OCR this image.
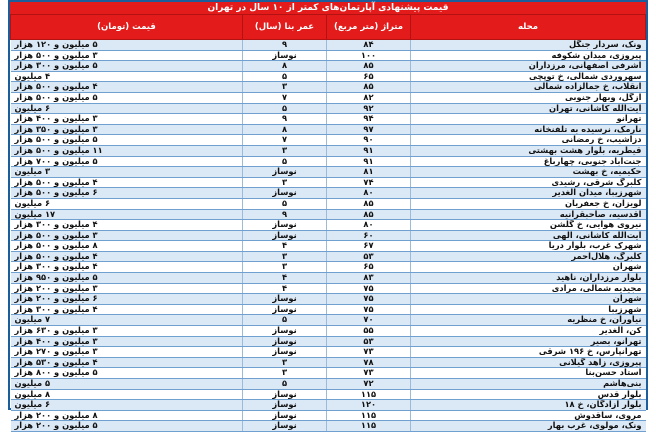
قیمت پیشنهادی آپارتمان‌های کمتر از ۱۰ سال در تهران
محله	متراژ (متر مربع)	عمر بنا (سال)	قیمت (تومان)
ونک، سردار جنگل	۸۴	۹	۵ میلیون و ۱۲۰ هزار
پیروزی، میدان شکوفه	۱۰۰	نوساز	۳ میلیون و ۵۰۰ هزار
اشرفی اصفهانی، مرزداران	۸۵	۸	۵ میلیون و ۳۰۰ هزار
سهروردی شمالی، خ توپچی	۶۵	۵	۴ میلیون
انقلاب، خ جمالزاده شمالی	۸۵	۳	۴ میلیون و ۵۰۰ هزار
ازگل، وبهار جنوبی	۸۲	۷	۵ میلیون و ۵۰۰ هزار
آیت‌الله کاشانی، تهران	۹۲	۵	۶ میلیون
تهرانو	۹۴	۹	۳ میلیون و ۴۰۰ هزار
نارمک، نرسیده به تلفنخانه	۹۷	۸	۳ میلیون و ۳۵۰ هزار
دزاشیب، خ رمضانی	۹۰	۷	۵ میلیون و ۵۰۰ هزار
قیطریه، بلوار هشت بهشتی	۹۱	۳	۱۱ میلیون و ۵۰۰ هزار
جنت‌آباد جنوبی، چهارباغ	۹۱	۵	۵ میلیون و ۷۰۰ هزار
حکیمیه، خ بهشت	۸۱	نوساز	۳ میلیون
کلبرگ شرقی، رشیدی	۷۴	۳	۴ میلیون و ۵۰۰ هزار
شهرزیبا، میدان الغدیر	۸۰	نوساز	۶ میلیون و ۵۰۰ هزار
لویزان، خ جعفریان	۸۵	۵	۶ میلیون
اقدسیه، صاحبقرانیه	۸۵	۹	۱۷ میلیون
نیروی هوایی، خ گلشن	۸۰	نوساز	۴ میلیون و ۳۰۰ هزار
آیت‌الله کاشانی، الهی	۶۰	نوساز	۳ میلیون و ۵۰۰ هزار
شهرک غرب، بلوار دریا	۶۷	۴	۸ میلیون و ۵۰۰ هزار
کلبرگ، هلال‌احمر	۵۳	۳	۴ میلیون و ۵۰۰ هزار
شهران	۶۵	۳	۴ میلیون و ۳۰۰ هزار
بلوار مرزداران، ناهید	۸۳	۴	۵ میلیون و ۹۵۰ هزار
مجیدیه شمالی، مرادی	۷۵	۴	۳ میلیون و ۲۰۰ هزار
شهران	۷۵	نوساز	۶ میلیون و ۲۰۰ هزار
شهرزیبا	۷۵	نوساز	۴ میلیون و ۳۰۰ هزار
نیاوران، خ منظریه	۷۰	۵	۷ میلیون
کن، الغدیر	۵۵	نوساز	۳ میلیون و ۶۳۰ هزار
تهرانو، بصیر	۵۳	نوساز	۳ میلیون و ۴۰۰ هزار
تهرانپارس، خ ۱۹۶ شرقی	۷۳	نوساز	۳ میلیون و ۲۷۰ هزار
پیروزی، زاهد گیلانی	۷۸	۳	۴ میلیون و ۵۳۰ هزار
استاد حسن‌بنا	۷۳	۳	۵ میلیون و ۸۰۰ هزار
بنی‌هاشم	۷۲	۵	۵ میلیون
بلوار قدس	۱۱۵	نوساز	۸ میلیون
بلوار آزادگان، خ ۱۸	۱۲۰	نوساز	۶ میلیون
مروی، ساقدوش	۱۱۵	نوساز	۸ میلیون و ۲۰۰ هزار
ونک، مولوی، غرب بهار	۱۱۵	نوساز	۵ میلیون و ۲۰۰ هزار
